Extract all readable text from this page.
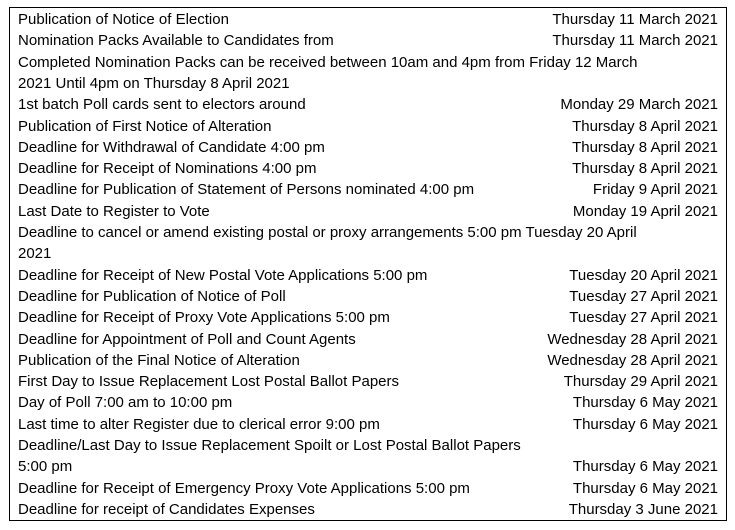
Publication of Notice of Election	Thursday 11 March 2021
Nomination Packs Available to Candidates from	Thursday 11 March 2021
Completed Nomination Packs can be received between 10am and 4pm from Friday 12 March
2021 Until 4pm on Thursday 8 April 2021
1st batch Poll cards sent to electors around	Monday 29 March 2021
Publication of First Notice of Alteration	Thursday 8 April 2021
Deadline for Withdrawal of Candidate 4:00 pm	Thursday 8 April 2021
Deadline for Receipt of Nominations 4:00 pm	Thursday 8 April 2021
Deadline for Publication of Statement of Persons nominated 4:00 pm	Friday 9 April 2021
Last Date to Register to Vote	Monday 19 April 2021
Deadline to cancel or amend existing postal or proxy arrangements 5:00 pm Tuesday 20 April
2021
Deadline for Receipt of New Postal Vote Applications 5:00 pm	Tuesday 20 April 2021
Deadline for Publication of Notice of Poll	Tuesday 27 April 2021
Deadline for Receipt of Proxy Vote Applications 5:00 pm	Tuesday 27 April 2021
Deadline for Appointment of Poll and Count Agents	Wednesday 28 April 2021
Publication of the Final Notice of Alteration	Wednesday 28 April 2021
First Day to Issue Replacement Lost Postal Ballot Papers	Thursday 29 April 2021
Day of Poll 7:00 am to 10:00 pm	Thursday 6 May 2021
Last time to alter Register due to clerical error 9:00 pm	Thursday 6 May 2021
Deadline/Last Day to Issue Replacement Spoilt or Lost Postal Ballot Papers
5:00 pm	Thursday 6 May 2021
Deadline for Receipt of Emergency Proxy Vote Applications 5:00 pm	Thursday 6 May 2021
Deadline for receipt of Candidates Expenses	Thursday 3 June 2021
